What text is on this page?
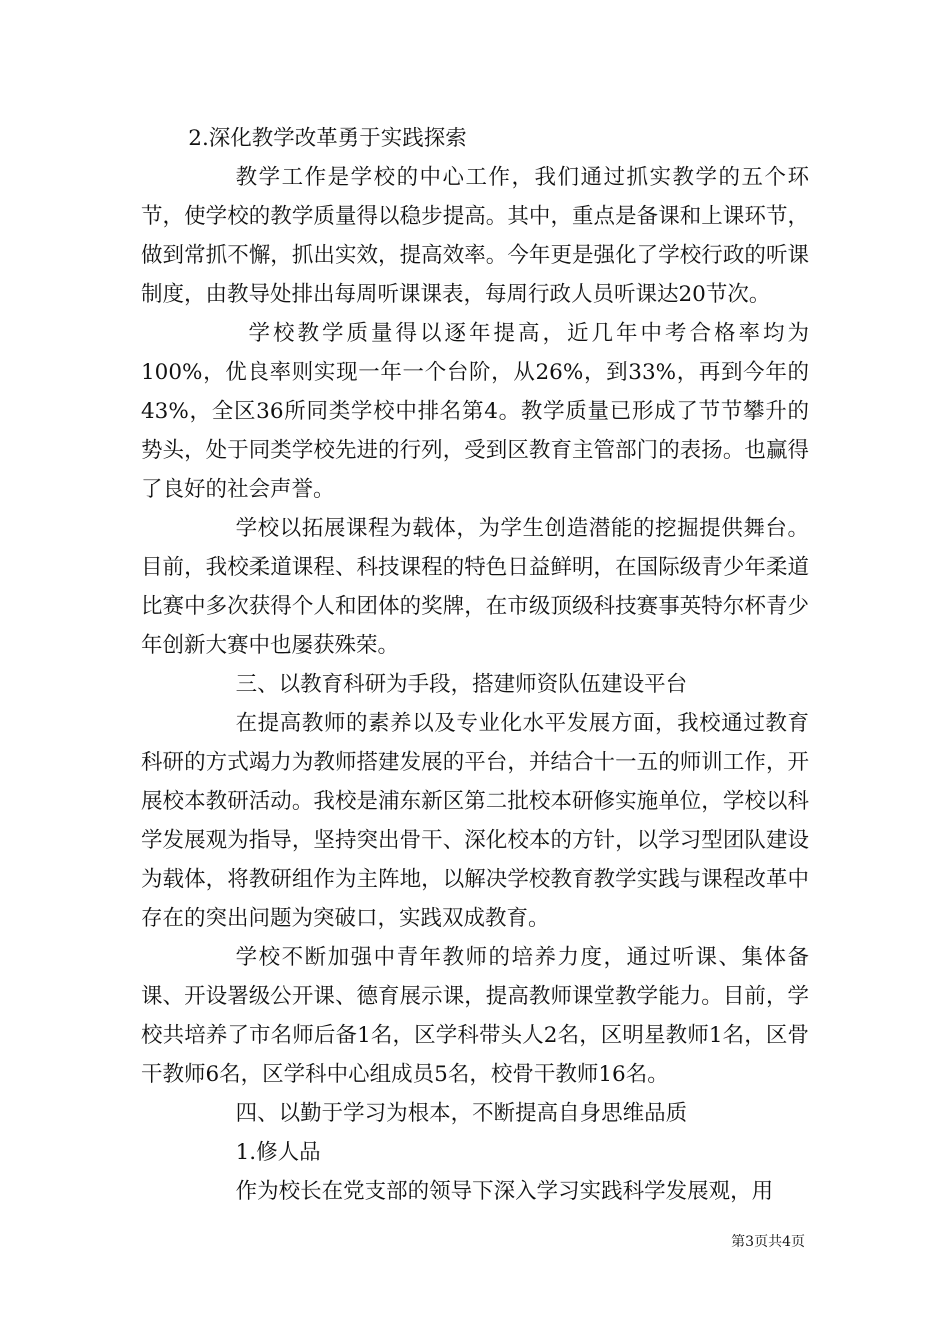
2.深化教学改革勇于实践探索

教学工作是学校的中心工作，我们通过抓实教学的五个环节，使学校的教学质量得以稳步提高。其中，重点是备课和上课环节，做到常抓不懈，抓出实效，提高效率。今年更是强化了学校行政的听课制度，由教导处排出每周听课课表，每周行政人员听课达20节次。

学校教学质量得以逐年提高，近几年中考合格率均为100%，优良率则实现一年一个台阶，从26%，到33%，再到今年的43%，全区36所同类学校中排名第4。教学质量已形成了节节攀升的势头，处于同类学校先进的行列，受到区教育主管部门的表扬。也赢得了良好的社会声誉。

学校以拓展课程为载体，为学生创造潜能的挖掘提供舞台。目前，我校柔道课程、科技课程的特色日益鲜明，在国际级青少年柔道比赛中多次获得个人和团体的奖牌，在市级顶级科技赛事英特尔杯青少年创新大赛中也屡获殊荣。

三、以教育科研为手段，搭建师资队伍建设平台

在提高教师的素养以及专业化水平发展方面，我校通过教育科研的方式竭力为教师搭建发展的平台，并结合十一五的师训工作，开展校本教研活动。我校是浦东新区第二批校本研修实施单位，学校以科学发展观为指导，坚持突出骨干、深化校本的方针，以学习型团队建设为载体，将教研组作为主阵地，以解决学校教育教学实践与课程改革中存在的突出问题为突破口，实践双成教育。

学校不断加强中青年教师的培养力度，通过听课、集体备课、开设署级公开课、德育展示课，提高教师课堂教学能力。目前，学校共培养了市名师后备1名，区学科带头人2名，区明星教师1名，区骨干教师6名，区学科中心组成员5名，校骨干教师16名。

四、以勤于学习为根本，不断提高自身思维品质

1.修人品

作为校长在党支部的领导下深入学习实践科学发展观，用

第3页共4页
